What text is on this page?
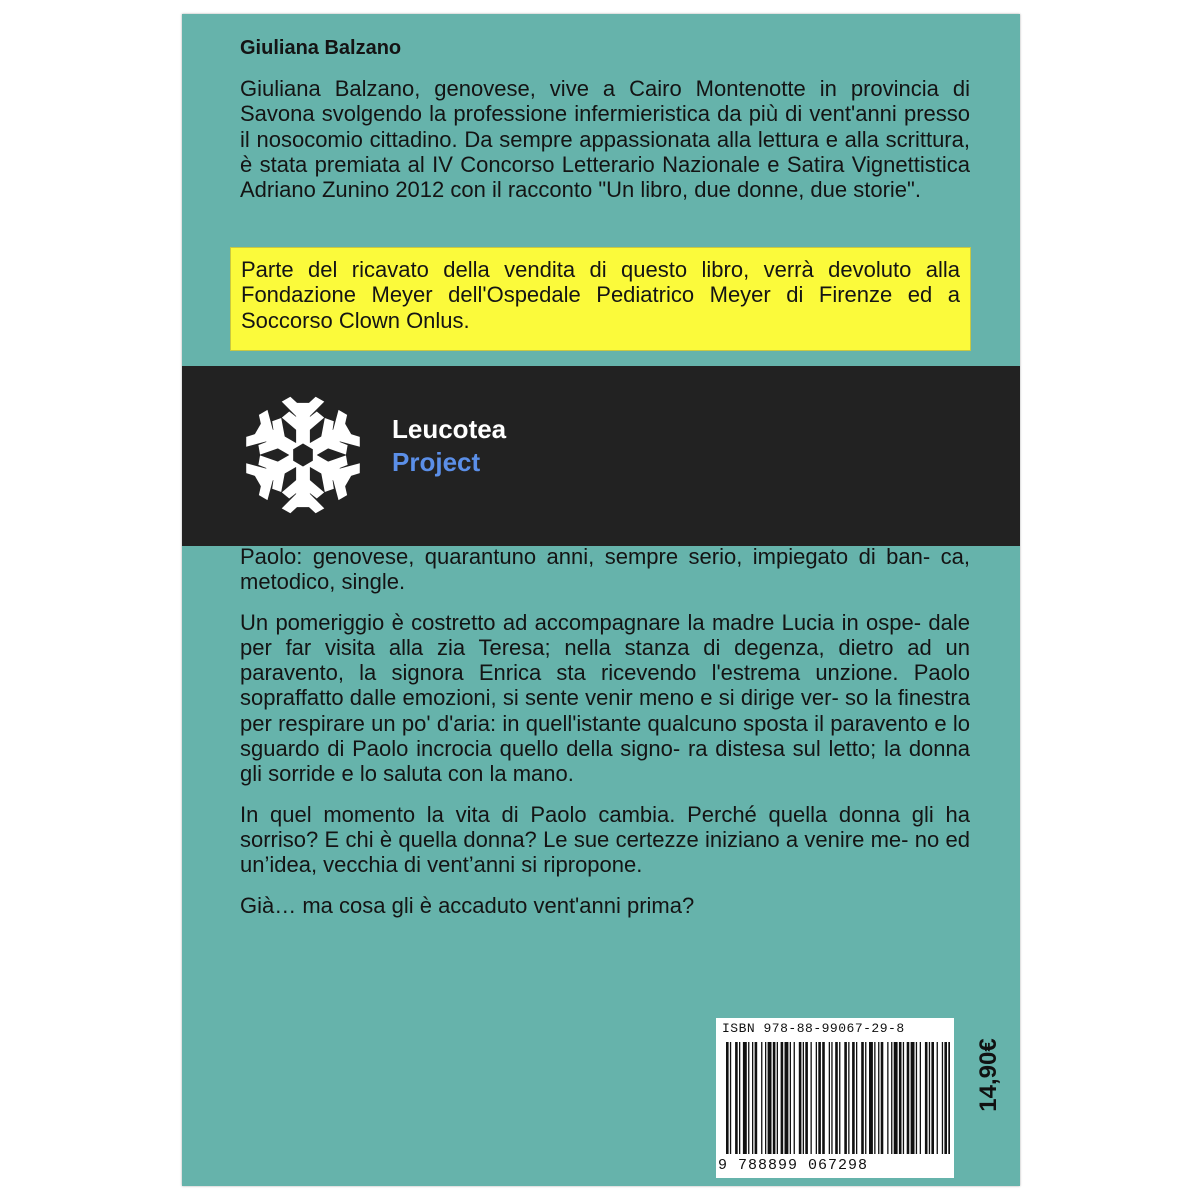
Giuliana Balzano
Giuliana Balzano, genovese, vive a Cairo Montenotte in provincia di Savona svolgendo la professione infermieristica da più di vent'anni presso il nosocomio cittadino. Da sempre appassionata alla lettura e alla scrittura, è stata premiata al IV Concorso Letterario Nazionale e Satira Vignettistica Adriano Zunino 2012 con il racconto "Un libro, due donne, due storie".
Parte del ricavato della vendita di questo libro, verrà devoluto alla Fondazione Meyer dell'Ospedale Pediatrico Meyer di Firenze ed a Soccorso Clown Onlus.
Leucotea
Project

Paolo: genovese, quarantuno anni, sempre serio, impiegato di ban- ca, metodico, single.

Un pomeriggio è costretto ad accompagnare la madre Lucia in ospe- dale per far visita alla zia Teresa; nella stanza di degenza, dietro ad un paravento, la signora Enrica sta ricevendo l'estrema unzione. Paolo sopraffatto dalle emozioni, si sente venir meno e si dirige ver- so la finestra per respirare un po' d'aria: in quell'istante qualcuno sposta il paravento e lo sguardo di Paolo incrocia quello della signo- ra distesa sul letto; la donna gli sorride e lo saluta con la mano.

In quel momento la vita di Paolo cambia. Perché quella donna gli ha sorriso? E chi è quella donna? Le sue certezze iniziano a venire me- no ed un’idea, vecchia di vent’anni si ripropone.

Già… ma cosa gli è accaduto vent'anni prima?

ISBN 978-88-99067-29-8
9 788899 067298
14,90€
